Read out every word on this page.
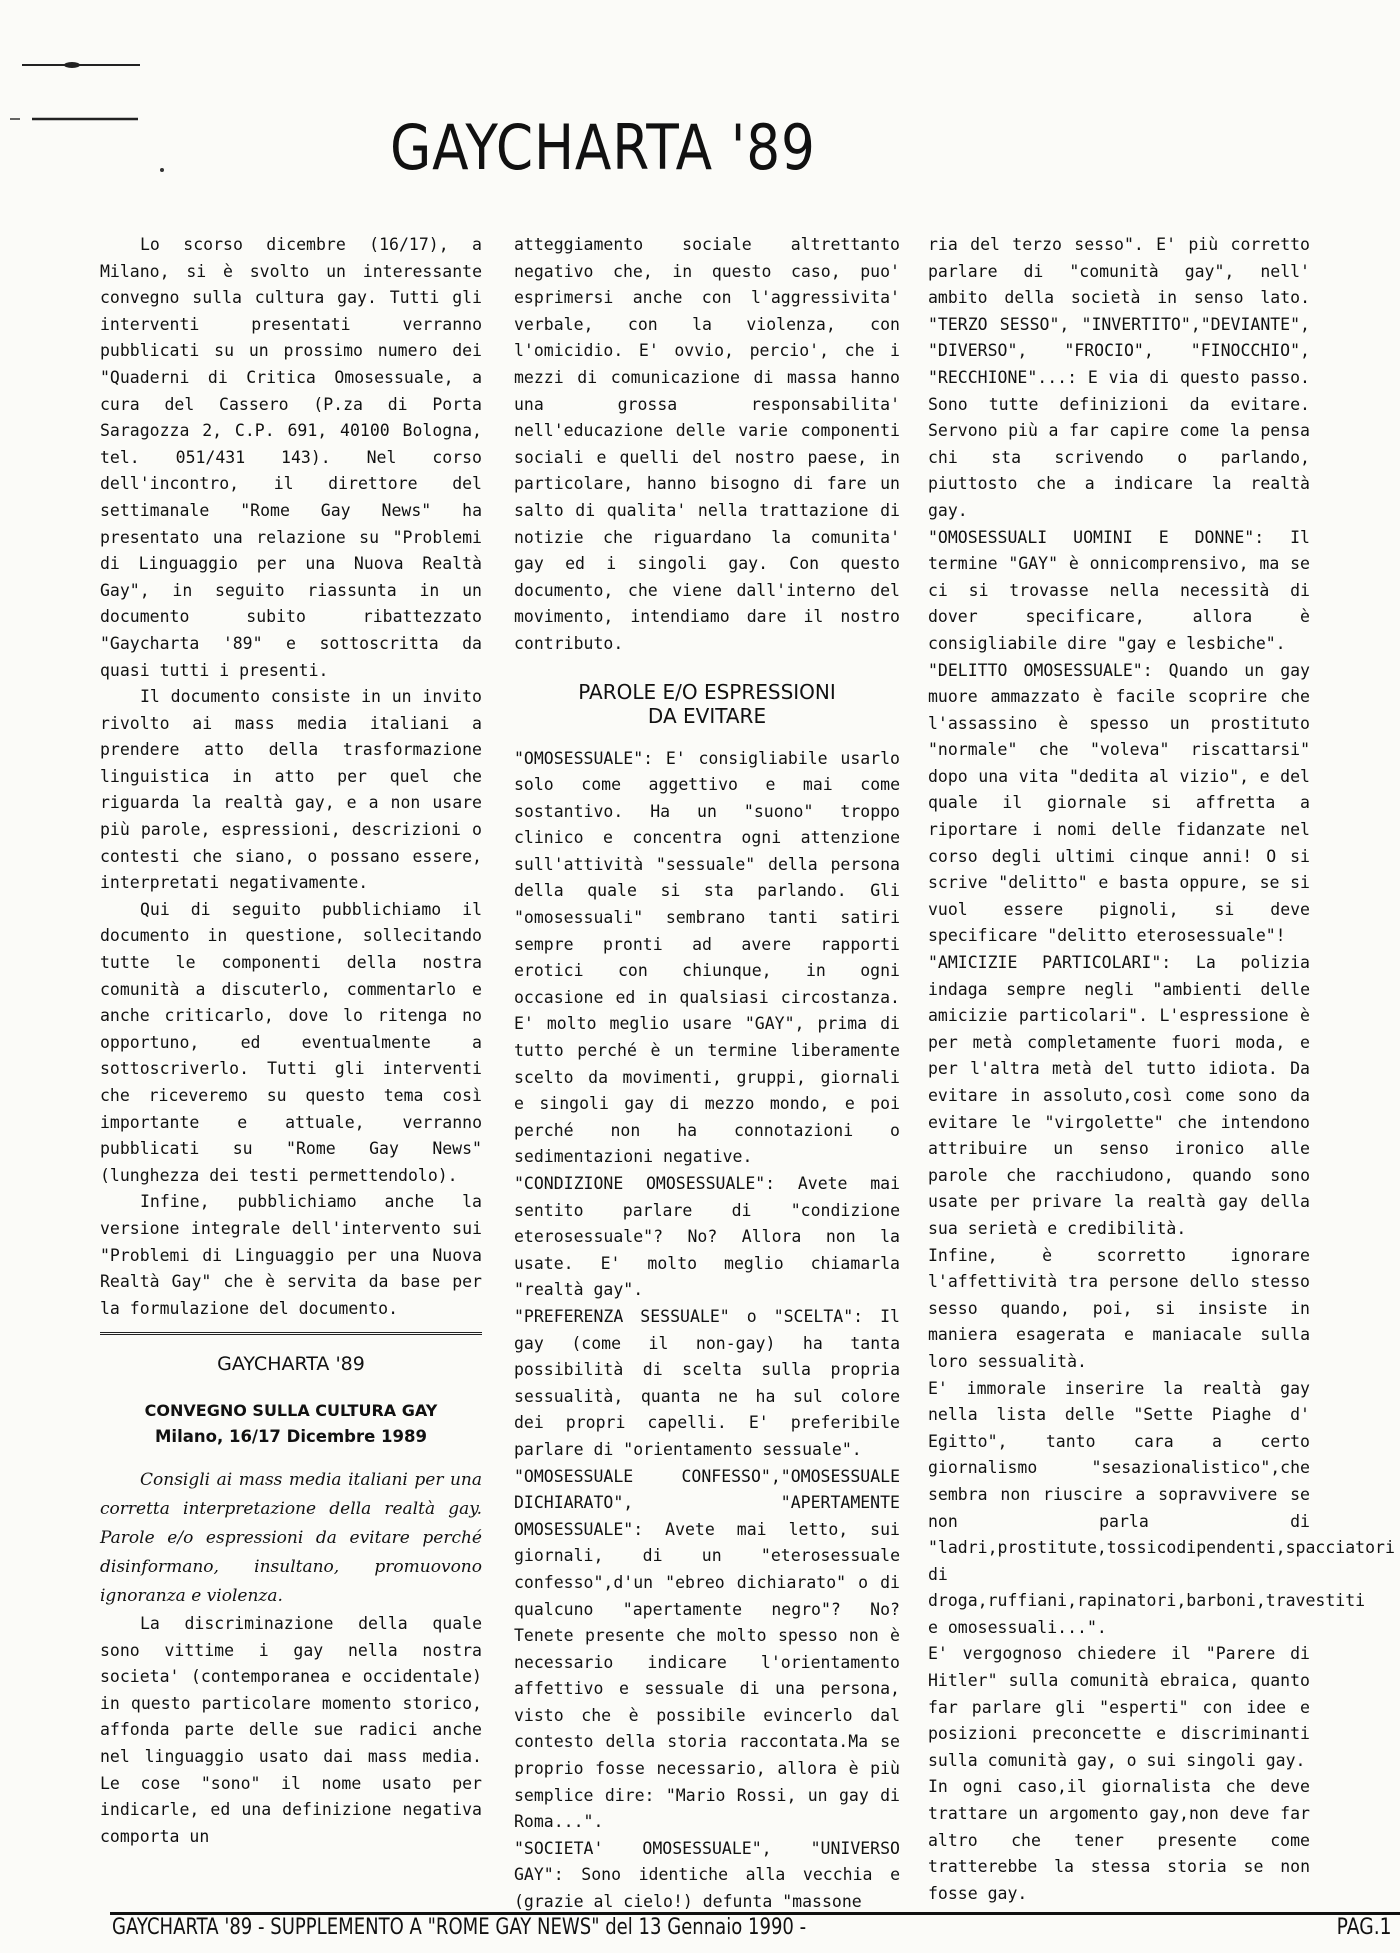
GAYCHARTA '89

Lo scorso dicembre (16/17), a Milano, si è svolto un interessante convegno sulla cultura gay. Tutti gli interventi presentati verranno pubblicati su un prossimo numero dei "Quaderni di Critica Omosessuale, a cura del Cassero (P.za di Porta Saragozza 2, C.P. 691, 40100 Bologna, tel. 051/431 143). Nel corso dell'incontro, il direttore del settimanale "Rome Gay News" ha presentato una relazione su "Problemi di Linguaggio per una Nuova Realtà Gay", in seguito riassunta in un documento subito ribattezzato "Gaycharta '89" e sottoscritta da quasi tutti i presenti.

Il documento consiste in un invito rivolto ai mass media italiani a prendere atto della trasformazione linguistica in atto per quel che riguarda la realtà gay, e a non usare più parole, espressioni, descrizioni o contesti che siano, o possano essere, interpretati negativamente.

Qui di seguito pubblichiamo il documento in questione, sollecitando tutte le componenti della nostra comunità a discuterlo, commentarlo e anche criticarlo, dove lo ritenga no opportuno, ed eventualmente a sottoscriverlo. Tutti gli interventi che riceveremo su questo tema così importante e attuale, verranno pubblicati su "Rome Gay News" (lunghezza dei testi permettendolo).

Infine, pubblichiamo anche la versione integrale dell'intervento sui "Problemi di Linguaggio per una Nuova Realtà Gay" che è servita da base per la formulazione del documento.

GAYCHARTA '89
CONVEGNO SULLA CULTURA GAY
Milano, 16/17 Dicembre 1989

Consigli ai mass media italiani per una corretta interpretazione della realtà gay. Parole e/o espressioni da evitare perché disinformano, insultano, promuovono ignoranza e violenza.

La discriminazione della quale sono vittime i gay nella nostra societa' (contemporanea e occidentale) in questo particolare momento storico, affonda parte delle sue radici anche nel linguaggio usato dai mass media. Le cose "sono" il nome usato per indicarle, ed una definizione negativa comporta un

atteggiamento sociale altrettanto negativo che, in questo caso, puo' esprimersi anche con l'aggressivita' verbale, con la violenza, con l'omicidio. E' ovvio, percio', che i mezzi di comunicazione di massa hanno una grossa responsabilita' nell'educazione delle varie componenti sociali e quelli del nostro paese, in particolare, hanno bisogno di fare un salto di qualita' nella trattazione di notizie che riguardano la comunita' gay ed i singoli gay. Con questo documento, che viene dall'interno del movimento, intendiamo dare il nostro contributo.

PAROLE E/O ESPRESSIONI
DA EVITARE

"OMOSESSUALE": E' consigliabile usarlo solo come aggettivo e mai come sostantivo. Ha un "suono" troppo clinico e concentra ogni attenzione sull'attività "sessuale" della persona della quale si sta parlando. Gli "omosessuali" sembrano tanti satiri sempre pronti ad avere rapporti erotici con chiunque, in ogni occasione ed in qualsiasi circostanza. E' molto meglio usare "GAY", prima di tutto perché è un termine liberamente scelto da movimenti, gruppi, giornali e singoli gay di mezzo mondo, e poi perché non ha connotazioni o sedimentazioni negative.

"CONDIZIONE OMOSESSUALE": Avete mai sentito parlare di "condizione eterosessuale"? No? Allora non la usate. E' molto meglio chiamarla "realtà gay".

"PREFERENZA SESSUALE" o "SCELTA": Il gay (come il non-gay) ha tanta possibilità di scelta sulla propria sessualità, quanta ne ha sul colore dei propri capelli. E' preferibile parlare di "orientamento sessuale".

"OMOSESSUALE CONFESSO","OMOSESSUALE DICHIARATO", "APERTAMENTE OMOSESSUALE": Avete mai letto, sui giornali, di un "eterosessuale confesso",d'un "ebreo dichiarato" o di qualcuno "apertamente negro"? No? Tenete presente che molto spesso non è necessario indicare l'orientamento affettivo e sessuale di una persona, visto che è possibile evincerlo dal contesto della storia raccontata.Ma se proprio fosse necessario, allora è più semplice dire: "Mario Rossi, un gay di Roma...".

"SOCIETA' OMOSESSUALE", "UNIVERSO GAY": Sono identiche alla vecchia e (grazie al cielo!) defunta "massone

ria del terzo sesso". E' più corretto parlare di "comunità gay", nell' ambito della società in senso lato. "TERZO SESSO", "INVERTITO","DEVIANTE", "DIVERSO", "FROCIO", "FINOCCHIO", "RECCHIONE"...: E via di questo passo. Sono tutte definizioni da evitare. Servono più a far capire come la pensa chi sta scrivendo o parlando, piuttosto che a indicare la realtà gay.

"OMOSESSUALI UOMINI E DONNE": Il termine "GAY" è onnicomprensivo, ma se ci si trovasse nella necessità di dover specificare, allora è consigliabile dire "gay e lesbiche".

"DELITTO OMOSESSUALE": Quando un gay muore ammazzato è facile scoprire che l'assassino è spesso un prostituto "normale" che "voleva" riscattarsi" dopo una vita "dedita al vizio", e del quale il giornale si affretta a riportare i nomi delle fidanzate nel corso degli ultimi cinque anni! O si scrive "delitto" e basta oppure, se si vuol essere pignoli, si deve specificare "delitto eterosessuale"!

"AMICIZIE PARTICOLARI": La polizia indaga sempre negli "ambienti delle amicizie particolari". L'espressione è per metà completamente fuori moda, e per l'altra metà del tutto idiota. Da evitare in assoluto,così come sono da evitare le "virgolette" che intendono attribuire un senso ironico alle parole che racchiudono, quando sono usate per privare la realtà gay della sua serietà e credibilità.

Infine, è scorretto ignorare l'affettività tra persone dello stesso sesso quando, poi, si insiste in maniera esagerata e maniacale sulla loro sessualità.

E' immorale inserire la realtà gay nella lista delle "Sette Piaghe d' Egitto", tanto cara a certo giornalismo "sesazionalistico",che sembra non riuscire a sopravvivere se non parla di "ladri,prostitute,tossicodipendenti,spacciatori di droga,ruffiani,rapinatori,barboni,travestiti e omosessuali...".

E' vergognoso chiedere il "Parere di Hitler" sulla comunità ebraica, quanto far parlare gli "esperti" con idee e posizioni preconcette e discriminanti sulla comunità gay, o sui singoli gay.

In ogni caso,il giornalista che deve trattare un argomento gay,non deve far altro che tener presente come tratterebbe la stessa storia se non fosse gay.

GAYCHARTA '89 - SUPPLEMENTO A "ROME GAY NEWS" del 13 Gennaio 1990 -	PAG.1
